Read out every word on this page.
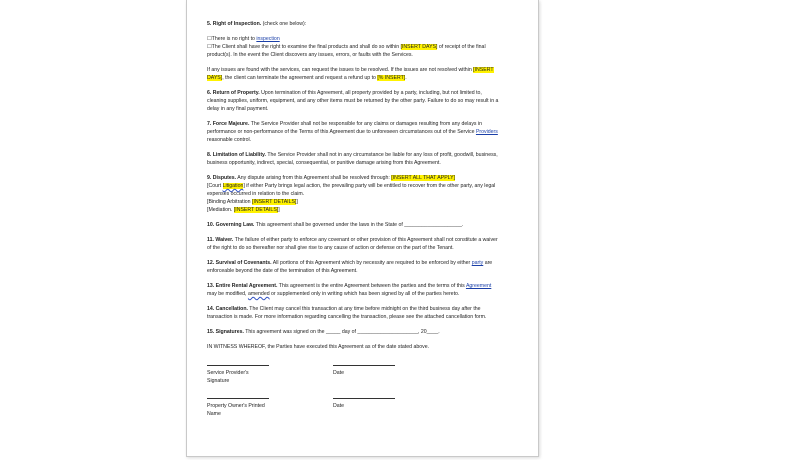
5. Right of Inspection. (check one below):
☐There is no right to inspection
☐The Client shall have the right to examine the final products and shall do so within [INSERT DAYS] of receipt of the final product(s). In the event the Client discovers any issues, errors, or faults with the Services.
If any issues are found with the services, can request the issues to be resolved. If the issues are not resolved within [INSERT DAYS], the client can terminate the agreement and request a refund up to [% INSERT].
6. Return of Property. Upon termination of this Agreement, all property provided by a party, including, but not limited to, cleaning supplies, uniform, equipment, and any other items must be returned by the other party. Failure to do so may result in a delay in any final payment.
7. Force Majeure. The Service Provider shall not be responsible for any claims or damages resulting from any delays in performance or non-performance of the Terms of this Agreement due to unforeseen circumstances out of the Service Providers reasonable control.
8. Limitation of Liability. The Service Provider shall not in any circumstance be liable for any loss of profit, goodwill, business, business opportunity, indirect, special, consequential, or punitive damage arising from this Agreement.
9. Disputes. Any dispute arising from this Agreement shall be resolved through: [INSERT ALL THAT APPLY]
[Court Litigation] if either Party brings legal action, the prevailing party will be entitled to recover from the other party, any legal expenses occurred in relation to the claim.
[Binding Arbitration [INSERT DETAILS]]
[Mediation. [INSERT DETAILS]]
10. Governing Law. This agreement shall be governed under the laws in the State of ____________________.
11. Waiver. The failure of either party to enforce any covenant or other provision of this Agreement shall not constitute a waiver of the right to do so thereafter nor shall give rise to any cause of action or defense on the part of the Tenant.
12. Survival of Covenants. All portions of this Agreement which by necessity are required to be enforced by either party are enforceable beyond the date of the termination of this Agreement.
13. Entire Rental Agreement. This agreement is the entire Agreement between the parties and the terms of this Agreement may be modified, amended or supplemented only in writing which has been signed by all of the parties hereto.
14. Cancellation. The Client may cancel this transaction at any time before midnight on the third business day after the transaction is made. For more information regarding cancelling the transaction, please see the attached cancellation form.
15. Signatures. This agreement was signed on the _____ day of _____________________, 20____.
IN WITNESS WHEREOF, the Parties have executed this Agreement as of the date stated above.
Service Provider's Signature
Date
Property Owner's Printed Name
Date
